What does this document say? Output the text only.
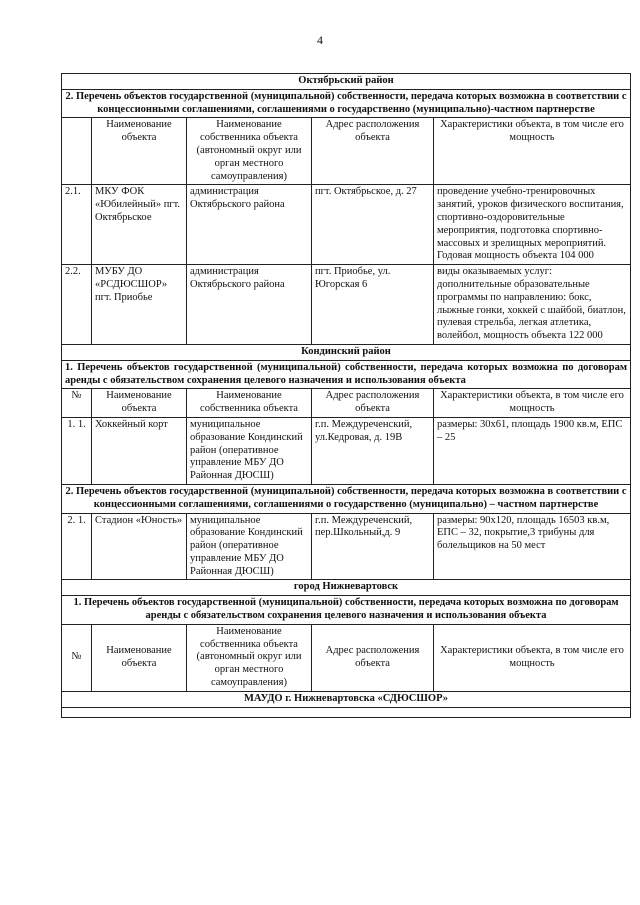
4
Октябрьский район				
2. Перечень объектов государственной (муниципальной) собственности, передача которых возможна в соответствии с концессионными соглашениями, соглашениями о государственно (муниципально)-частном партнерстве				
	Наименование объекта	Наименование собственника объекта (автономный округ или орган местного самоуправления)	Адрес расположения объекта	Характеристики объекта, в том числе его мощность
2.1.	МКУ ФОК «Юбилейный» пгт. Октябрьское	администрация Октябрьского района	пгт. Октябрьское, д. 27	проведение учебно-тренировочных занятий, уроков физического воспитания, спортивно-оздоровительные мероприятия, подготовка спортивно-массовых и зрелищных мероприятий. Годовая мощность объекта 104 000
2.2.	МУБУ ДО «РСДЮСШОР» пгт. Приобье	администрация Октябрьского района	пгт. Приобье, ул. Югорская 6	виды оказываемых услуг: дополнительные образовательные программы по направлению: бокс, лыжные гонки, хоккей с шайбой, биатлон, пулевая стрельба, легкая атлетика, волейбол, мощность объекта 122 000
Кондинский район				
1. Перечень объектов государственной (муниципальной) собственности, передача которых возможна по договорам аренды с обязательством сохранения целевого назначения и использования объекта				
№	Наименование объекта	Наименование собственника объекта	Адрес расположения объекта	Характеристики объекта, в том числе его мощность
1. 1.	Хоккейный корт	муниципальное образование Кондинский район (оперативное управление МБУ ДО Районная ДЮСШ)	г.п. Междуреченский, ул.Кедровая, д. 19В	размеры: 30х61, площадь 1900 кв.м, ЕПС – 25
2. Перечень объектов государственной (муниципальной) собственности, передача которых возможна в соответствии с концессионными соглашениями, соглашениями о государственно (муниципально) – частном партнерстве				
2. 1.	Стадион «Юность»	муниципальное образование Кондинский район (оперативное управление МБУ ДО Районная ДЮСШ)	г.п. Междуреченский, пер.Школьный,д. 9	размеры: 90х120, площадь 16503 кв.м, ЕПС – 32, покрытие,3 трибуны для болельщиков на 50 мест
город Нижневартовск				
1. Перечень объектов государственной (муниципальной) собственности, передача которых возможна по договорам аренды с обязательством сохранения целевого назначения и использования объекта				
№	Наименование объекта	Наименование собственника объекта (автономный округ или орган местного самоуправления)	Адрес расположения объекта	Характеристики объекта, в том числе его мощность
МАУДО г. Нижневартовска «СДЮСШОР»				
